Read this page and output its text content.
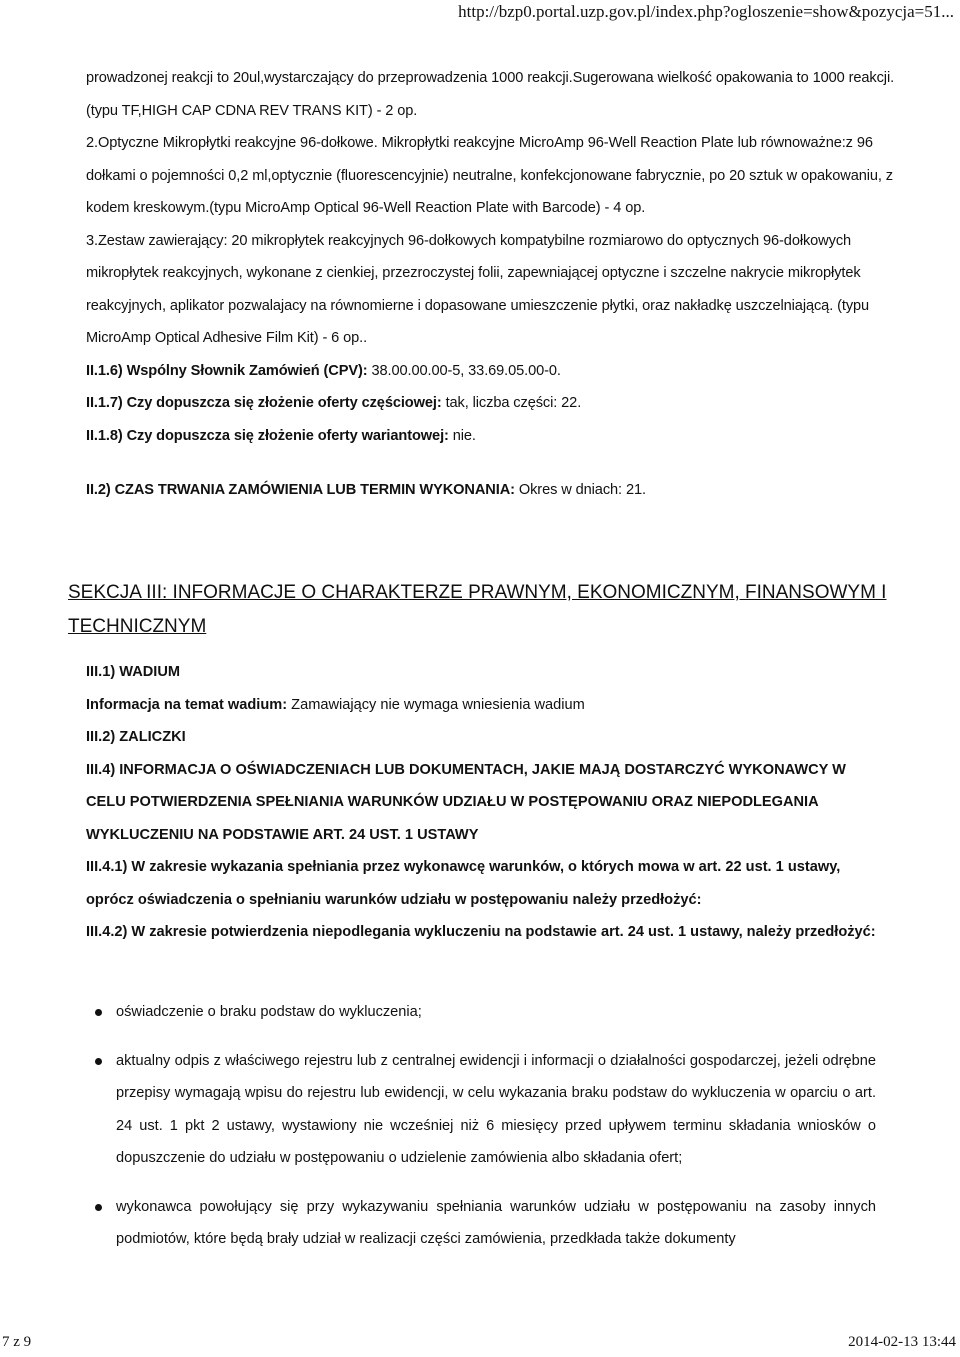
http://bzp0.portal.uzp.gov.pl/index.php?ogloszenie=show&pozycja=51...

prowadzonej reakcji to 20ul,wystarczający do przeprowadzenia 1000 reakcji.Sugerowana wielkość opakowania to 1000 reakcji.(typu TF,HIGH CAP CDNA REV TRANS KIT) - 2 op.

2.Optyczne Mikropłytki reakcyjne 96-dołkowe. Mikropłytki reakcyjne MicroAmp 96-Well Reaction Plate lub równoważne:z 96 dołkami o pojemności 0,2 ml,optycznie (fluorescencyjnie) neutralne, konfekcjonowane fabrycznie, po 20 sztuk w opakowaniu, z kodem kreskowym.(typu MicroAmp Optical 96-Well Reaction Plate with Barcode) - 4 op.

3.Zestaw zawierający: 20 mikropłytek reakcyjnych 96-dołkowych kompatybilne rozmiarowo do optycznych 96-dołkowych mikropłytek reakcyjnych, wykonane z cienkiej, przezroczystej folii, zapewniającej optyczne i szczelne nakrycie mikropłytek reakcyjnych, aplikator pozwalajacy na równomierne i dopasowane umieszczenie płytki, oraz nakładkę uszczelniającą. (typu MicroAmp Optical Adhesive Film Kit) - 6 op..

II.1.6) Wspólny Słownik Zamówień (CPV): 38.00.00.00-5, 33.69.05.00-0.

II.1.7) Czy dopuszcza się złożenie oferty częściowej: tak, liczba części: 22.

II.1.8) Czy dopuszcza się złożenie oferty wariantowej: nie.

II.2) CZAS TRWANIA ZAMÓWIENIA LUB TERMIN WYKONANIA: Okres w dniach: 21.

SEKCJA III: INFORMACJE O CHARAKTERZE PRAWNYM, EKONOMICZNYM, FINANSOWYM I TECHNICZNYM

III.1) WADIUM

Informacja na temat wadium: Zamawiający nie wymaga wniesienia wadium

III.2) ZALICZKI

III.4) INFORMACJA O OŚWIADCZENIACH LUB DOKUMENTACH, JAKIE MAJĄ DOSTARCZYĆ WYKONAWCY W CELU POTWIERDZENIA SPEŁNIANIA WARUNKÓW UDZIAŁU W POSTĘPOWANIU ORAZ NIEPODLEGANIA WYKLUCZENIU NA PODSTAWIE ART. 24 UST. 1 USTAWY

III.4.1) W zakresie wykazania spełniania przez wykonawcę warunków, o których mowa w art. 22 ust. 1 ustawy, oprócz oświadczenia o spełnianiu warunków udziału w postępowaniu należy przedłożyć:

III.4.2) W zakresie potwierdzenia niepodlegania wykluczeniu na podstawie art. 24 ust. 1 ustawy, należy przedłożyć:

oświadczenie o braku podstaw do wykluczenia;
aktualny odpis z właściwego rejestru lub z centralnej ewidencji i informacji o działalności gospodarczej, jeżeli odrębne przepisy wymagają wpisu do rejestru lub ewidencji, w celu wykazania braku podstaw do wykluczenia w oparciu o art. 24 ust. 1 pkt 2 ustawy, wystawiony nie wcześniej niż 6 miesięcy przed upływem terminu składania wniosków o dopuszczenie do udziału w postępowaniu o udzielenie zamówienia albo składania ofert;
wykonawca powołujący się przy wykazywaniu spełniania warunków udziału w postępowaniu na zasoby innych podmiotów, które będą brały udział w realizacji części zamówienia, przedkłada także dokumenty
7 z 9	2014-02-13 13:44
